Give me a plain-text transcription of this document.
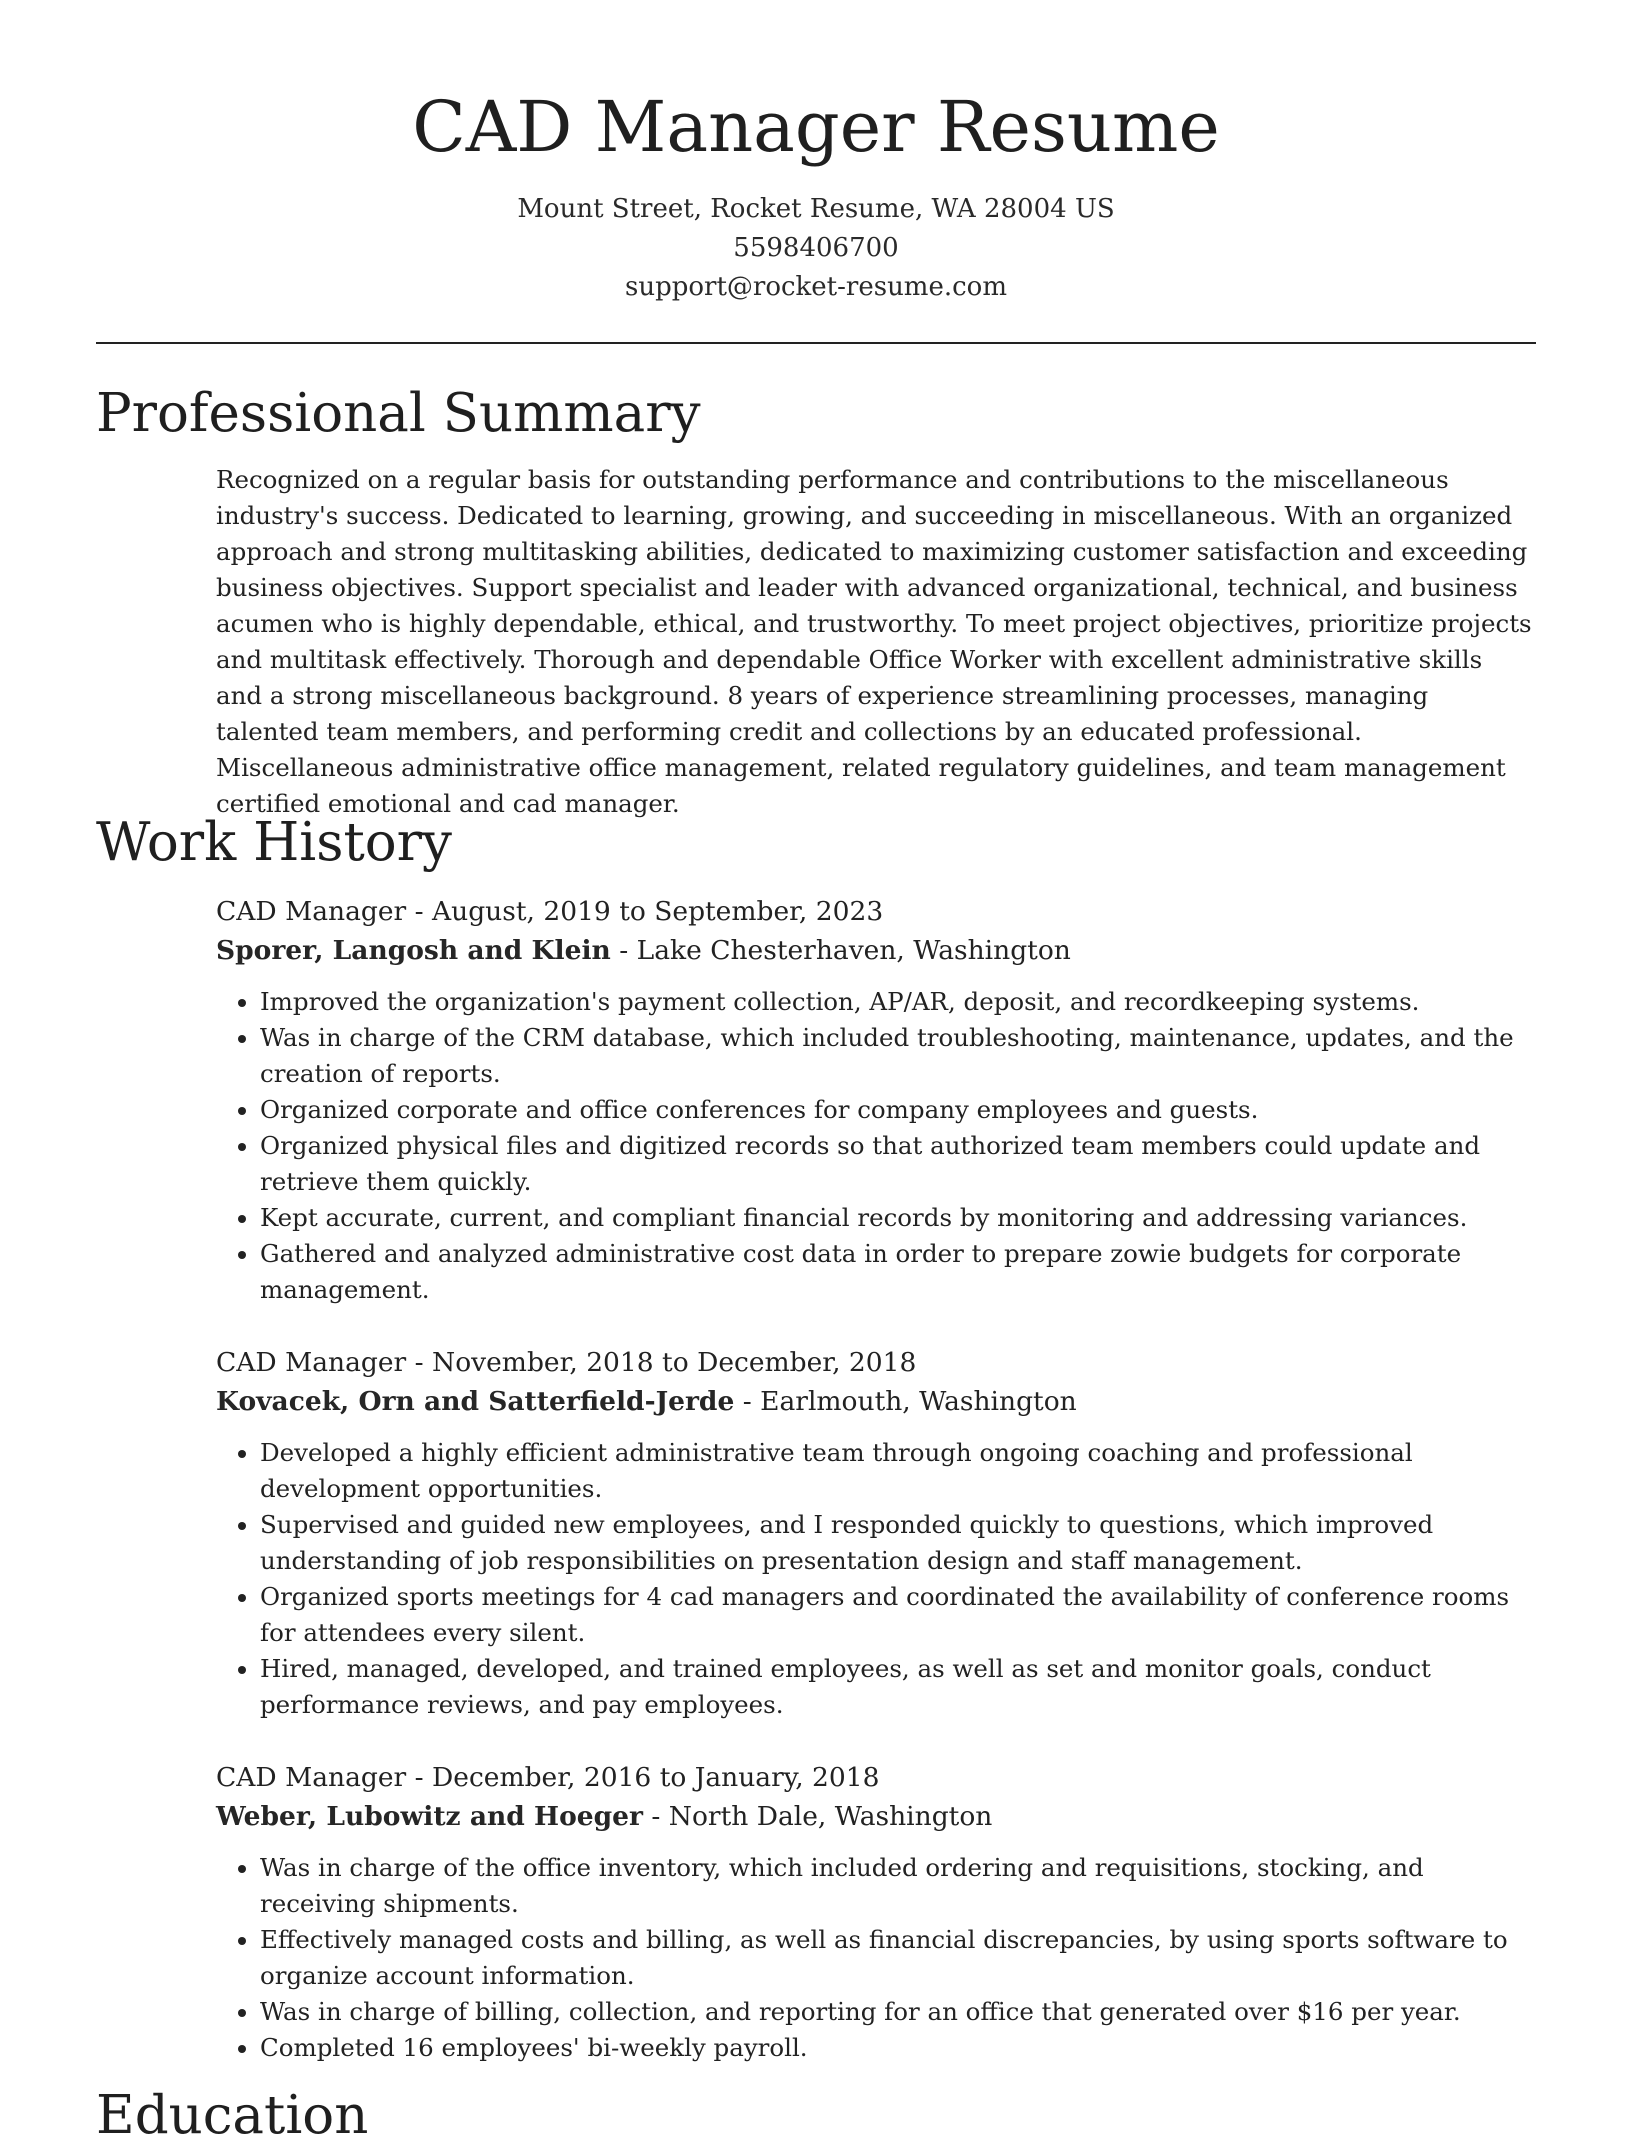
CAD Manager Resume
Mount Street, Rocket Resume, WA 28004 US
5598406700
support@rocket-resume.com
Professional Summary

Recognized on a regular basis for outstanding performance and contributions to the miscellaneous industry's success. Dedicated to learning, growing, and succeeding in miscellaneous. With an organized approach and strong multitasking abilities, dedicated to maximizing customer satisfaction and exceeding business objectives. Support specialist and leader with advanced organizational, technical, and business acumen who is highly dependable, ethical, and trustworthy. To meet project objectives, prioritize projects and multitask effectively. Thorough and dependable Office Worker with excellent administrative skills and a strong miscellaneous background. 8 years of experience streamlining processes, managing talented team members, and performing credit and collections by an educated professional. Miscellaneous administrative office management, related regulatory guidelines, and team management certified emotional and cad manager.

Work History
CAD Manager - August, 2019 to September, 2023
Sporer, Langosh and Klein - Lake Chesterhaven, Washington
• Improved the organization's payment collection, AP/AR, deposit, and recordkeeping systems.
• Was in charge of the CRM database, which included troubleshooting, maintenance, updates, and the creation of reports.
• Organized corporate and office conferences for company employees and guests.
• Organized physical files and digitized records so that authorized team members could update and retrieve them quickly.
• Kept accurate, current, and compliant financial records by monitoring and addressing variances.
• Gathered and analyzed administrative cost data in order to prepare zowie budgets for corporate management.
CAD Manager - November, 2018 to December, 2018
Kovacek, Orn and Satterfield-Jerde - Earlmouth, Washington
• Developed a highly efficient administrative team through ongoing coaching and professional development opportunities.
• Supervised and guided new employees, and I responded quickly to questions, which improved understanding of job responsibilities on presentation design and staff management.
• Organized sports meetings for 4 cad managers and coordinated the availability of conference rooms for attendees every silent.
• Hired, managed, developed, and trained employees, as well as set and monitor goals, conduct performance reviews, and pay employees.
CAD Manager - December, 2016 to January, 2018
Weber, Lubowitz and Hoeger - North Dale, Washington
• Was in charge of the office inventory, which included ordering and requisitions, stocking, and receiving shipments.
• Effectively managed costs and billing, as well as financial discrepancies, by using sports software to organize account information.
• Was in charge of billing, collection, and reporting for an office that generated over $16 per year.
• Completed 16 employees' bi-weekly payroll.
Education
